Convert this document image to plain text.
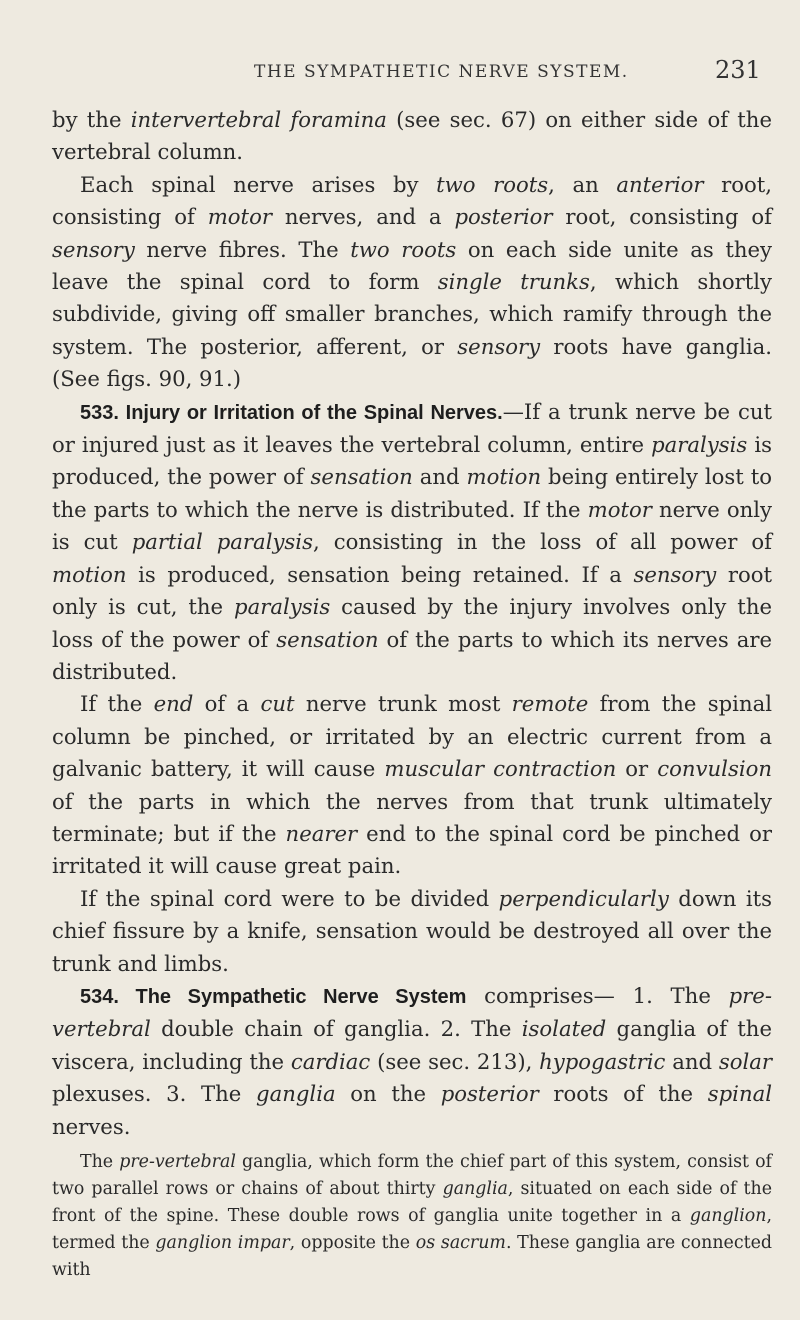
THE SYMPATHETIC NERVE SYSTEM.	231

by the intervertebral foramina (see sec. 67) on either side of the vertebral column.

Each spinal nerve arises by two roots, an anterior root, consisting of motor nerves, and a posterior root, consisting of sensory nerve fibres. The two roots on each side unite as they leave the spinal cord to form single trunks, which shortly subdivide, giving off smaller branches, which ramify through the system. The posterior, afferent, or sensory roots have ganglia. (See figs. 90, 91.)

533. Injury or Irritation of the Spinal Nerves.—If a trunk nerve be cut or injured just as it leaves the vertebral column, entire paralysis is produced, the power of sensation and motion being entirely lost to the parts to which the nerve is distributed. If the motor nerve only is cut partial paralysis, consisting in the loss of all power of motion is produced, sensation being retained. If a sensory root only is cut, the paralysis caused by the injury involves only the loss of the power of sensation of the parts to which its nerves are distributed.

If the end of a cut nerve trunk most remote from the spinal column be pinched, or irritated by an electric current from a galvanic battery, it will cause muscular contraction or convulsion of the parts in which the nerves from that trunk ultimately terminate; but if the nearer end to the spinal cord be pinched or irritated it will cause great pain.

If the spinal cord were to be divided perpendicularly down its chief fissure by a knife, sensation would be destroyed all over the trunk and limbs.

534. The Sympathetic Nerve System comprises— 1. The pre-vertebral double chain of ganglia. 2. The isolated ganglia of the viscera, including the cardiac (see sec. 213), hypogastric and solar plexuses. 3. The ganglia on the posterior roots of the spinal nerves.

The pre-vertebral ganglia, which form the chief part of this system, consist of two parallel rows or chains of about thirty ganglia, situated on each side of the front of the spine. These double rows of ganglia unite together in a ganglion, termed the ganglion impar, opposite the os sacrum. These ganglia are connected with
